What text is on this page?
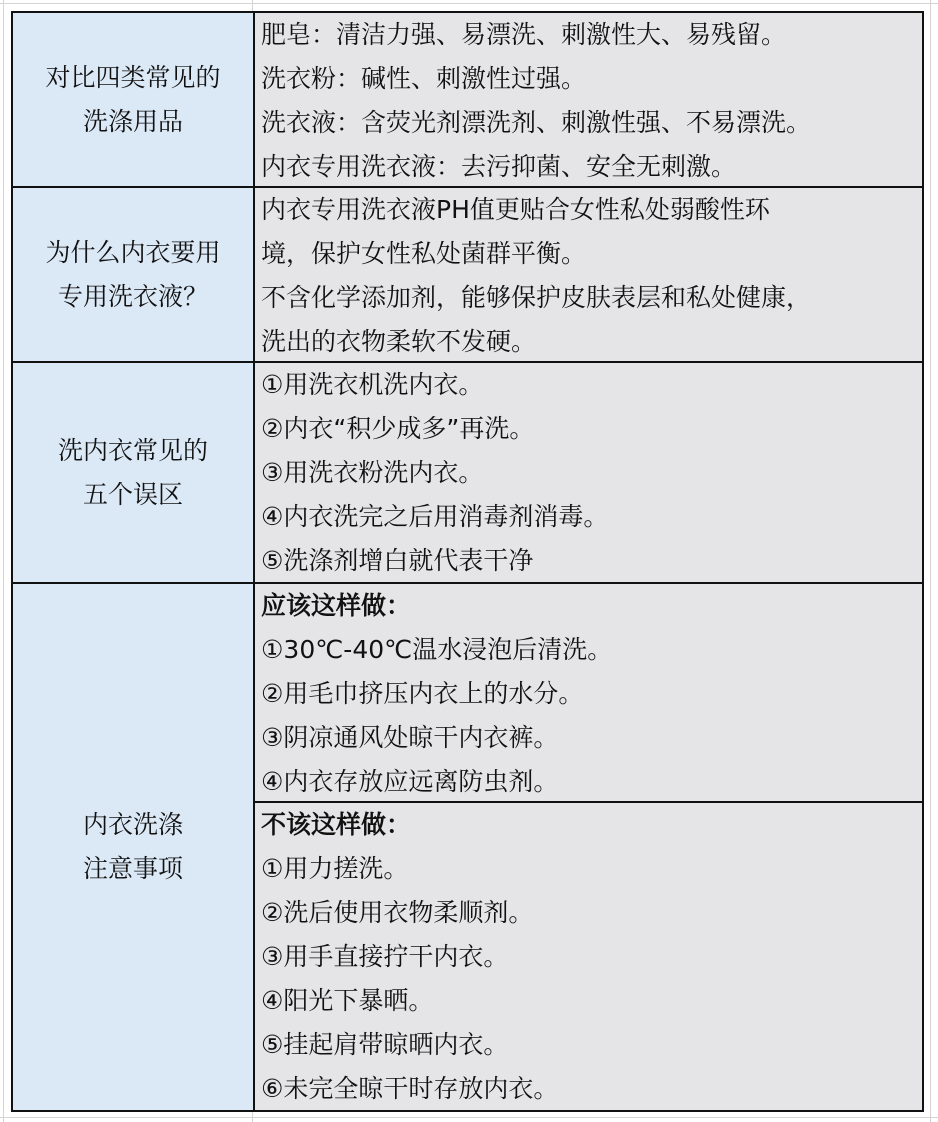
对比四类常见的
洗涤用品
肥皂：清洁力强、易漂洗、刺激性大、易残留。
洗衣粉：碱性、刺激性过强。
洗衣液：含荧光剂漂洗剂、刺激性强、不易漂洗。
内衣专用洗衣液：去污抑菌、安全无刺激。
为什么内衣要用
专用洗衣液？
内衣专用洗衣液PH值更贴合女性私处弱酸性环
境，保护女性私处菌群平衡。
不含化学添加剂，能够保护皮肤表层和私处健康，
洗出的衣物柔软不发硬。
洗内衣常见的
五个误区
①用洗衣机洗内衣。
②内衣“积少成多”再洗。
③用洗衣粉洗内衣。
④内衣洗完之后用消毒剂消毒。
⑤洗涤剂增白就代表干净
内衣洗涤
注意事项
应该这样做：
①30℃-40℃温水浸泡后清洗。
②用毛巾挤压内衣上的水分。
③阴凉通风处晾干内衣裤。
④内衣存放应远离防虫剂。
不该这样做：
①用力搓洗。
②洗后使用衣物柔顺剂。
③用手直接拧干内衣。
④阳光下暴晒。
⑤挂起肩带晾晒内衣。
⑥未完全晾干时存放内衣。
